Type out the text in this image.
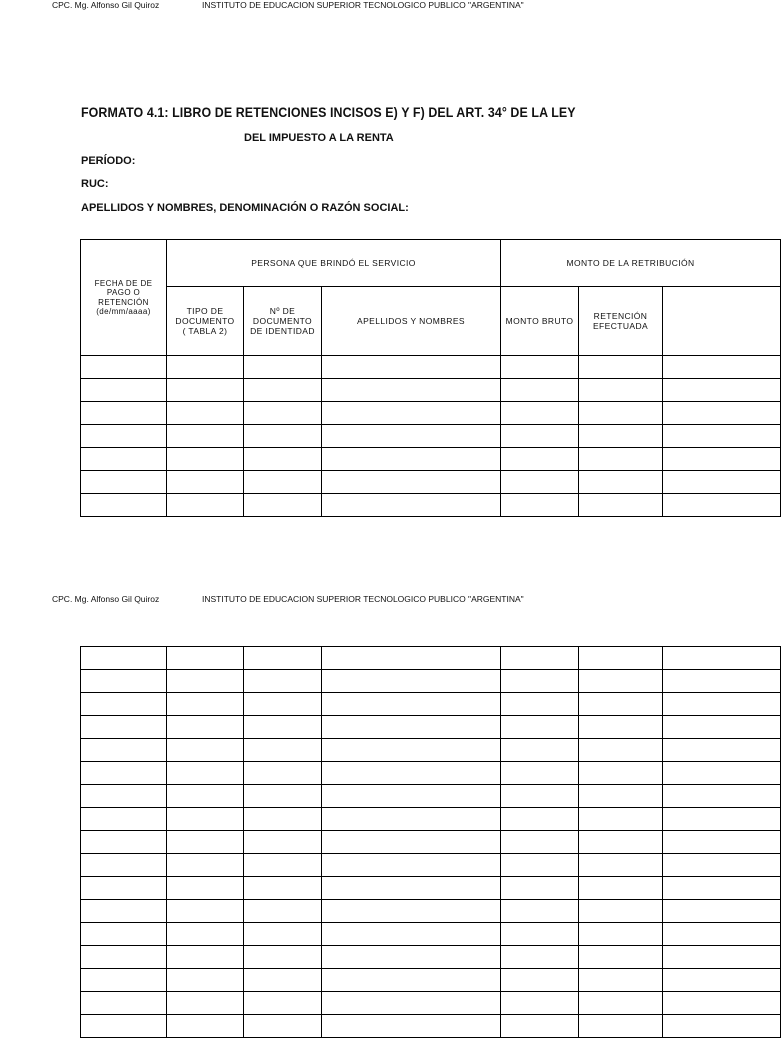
CPC. Mg. Alfonso Gil Quiroz	INSTITUTO DE EDUCACION SUPERIOR TECNOLOGICO PUBLICO "ARGENTINA"
FORMATO 4.1: LIBRO DE RETENCIONES INCISOS E) Y F) DEL ART. 34° DE LA LEY
DEL IMPUESTO A LA RENTA
PERÍODO:
RUC:
APELLIDOS Y NOMBRES, DENOMINACIÓN O RAZÓN SOCIAL:
FECHA DE DE PAGO O RETENCIÓN (de/mm/aaaa)	PERSONA QUE BRINDÓ EL SERVICIO			MONTO DE LA RETRIBUCIÓN		
	TIPO DE DOCUMENTO ( TABLA 2)	Nº DE DOCUMENTO DE IDENTIDAD	APELLIDOS Y NOMBRES	MONTO BRUTO	RETENCIÓN EFECTUADA	

CPC. Mg. Alfonso Gil Quiroz	INSTITUTO DE EDUCACION SUPERIOR TECNOLOGICO PUBLICO "ARGENTINA"
